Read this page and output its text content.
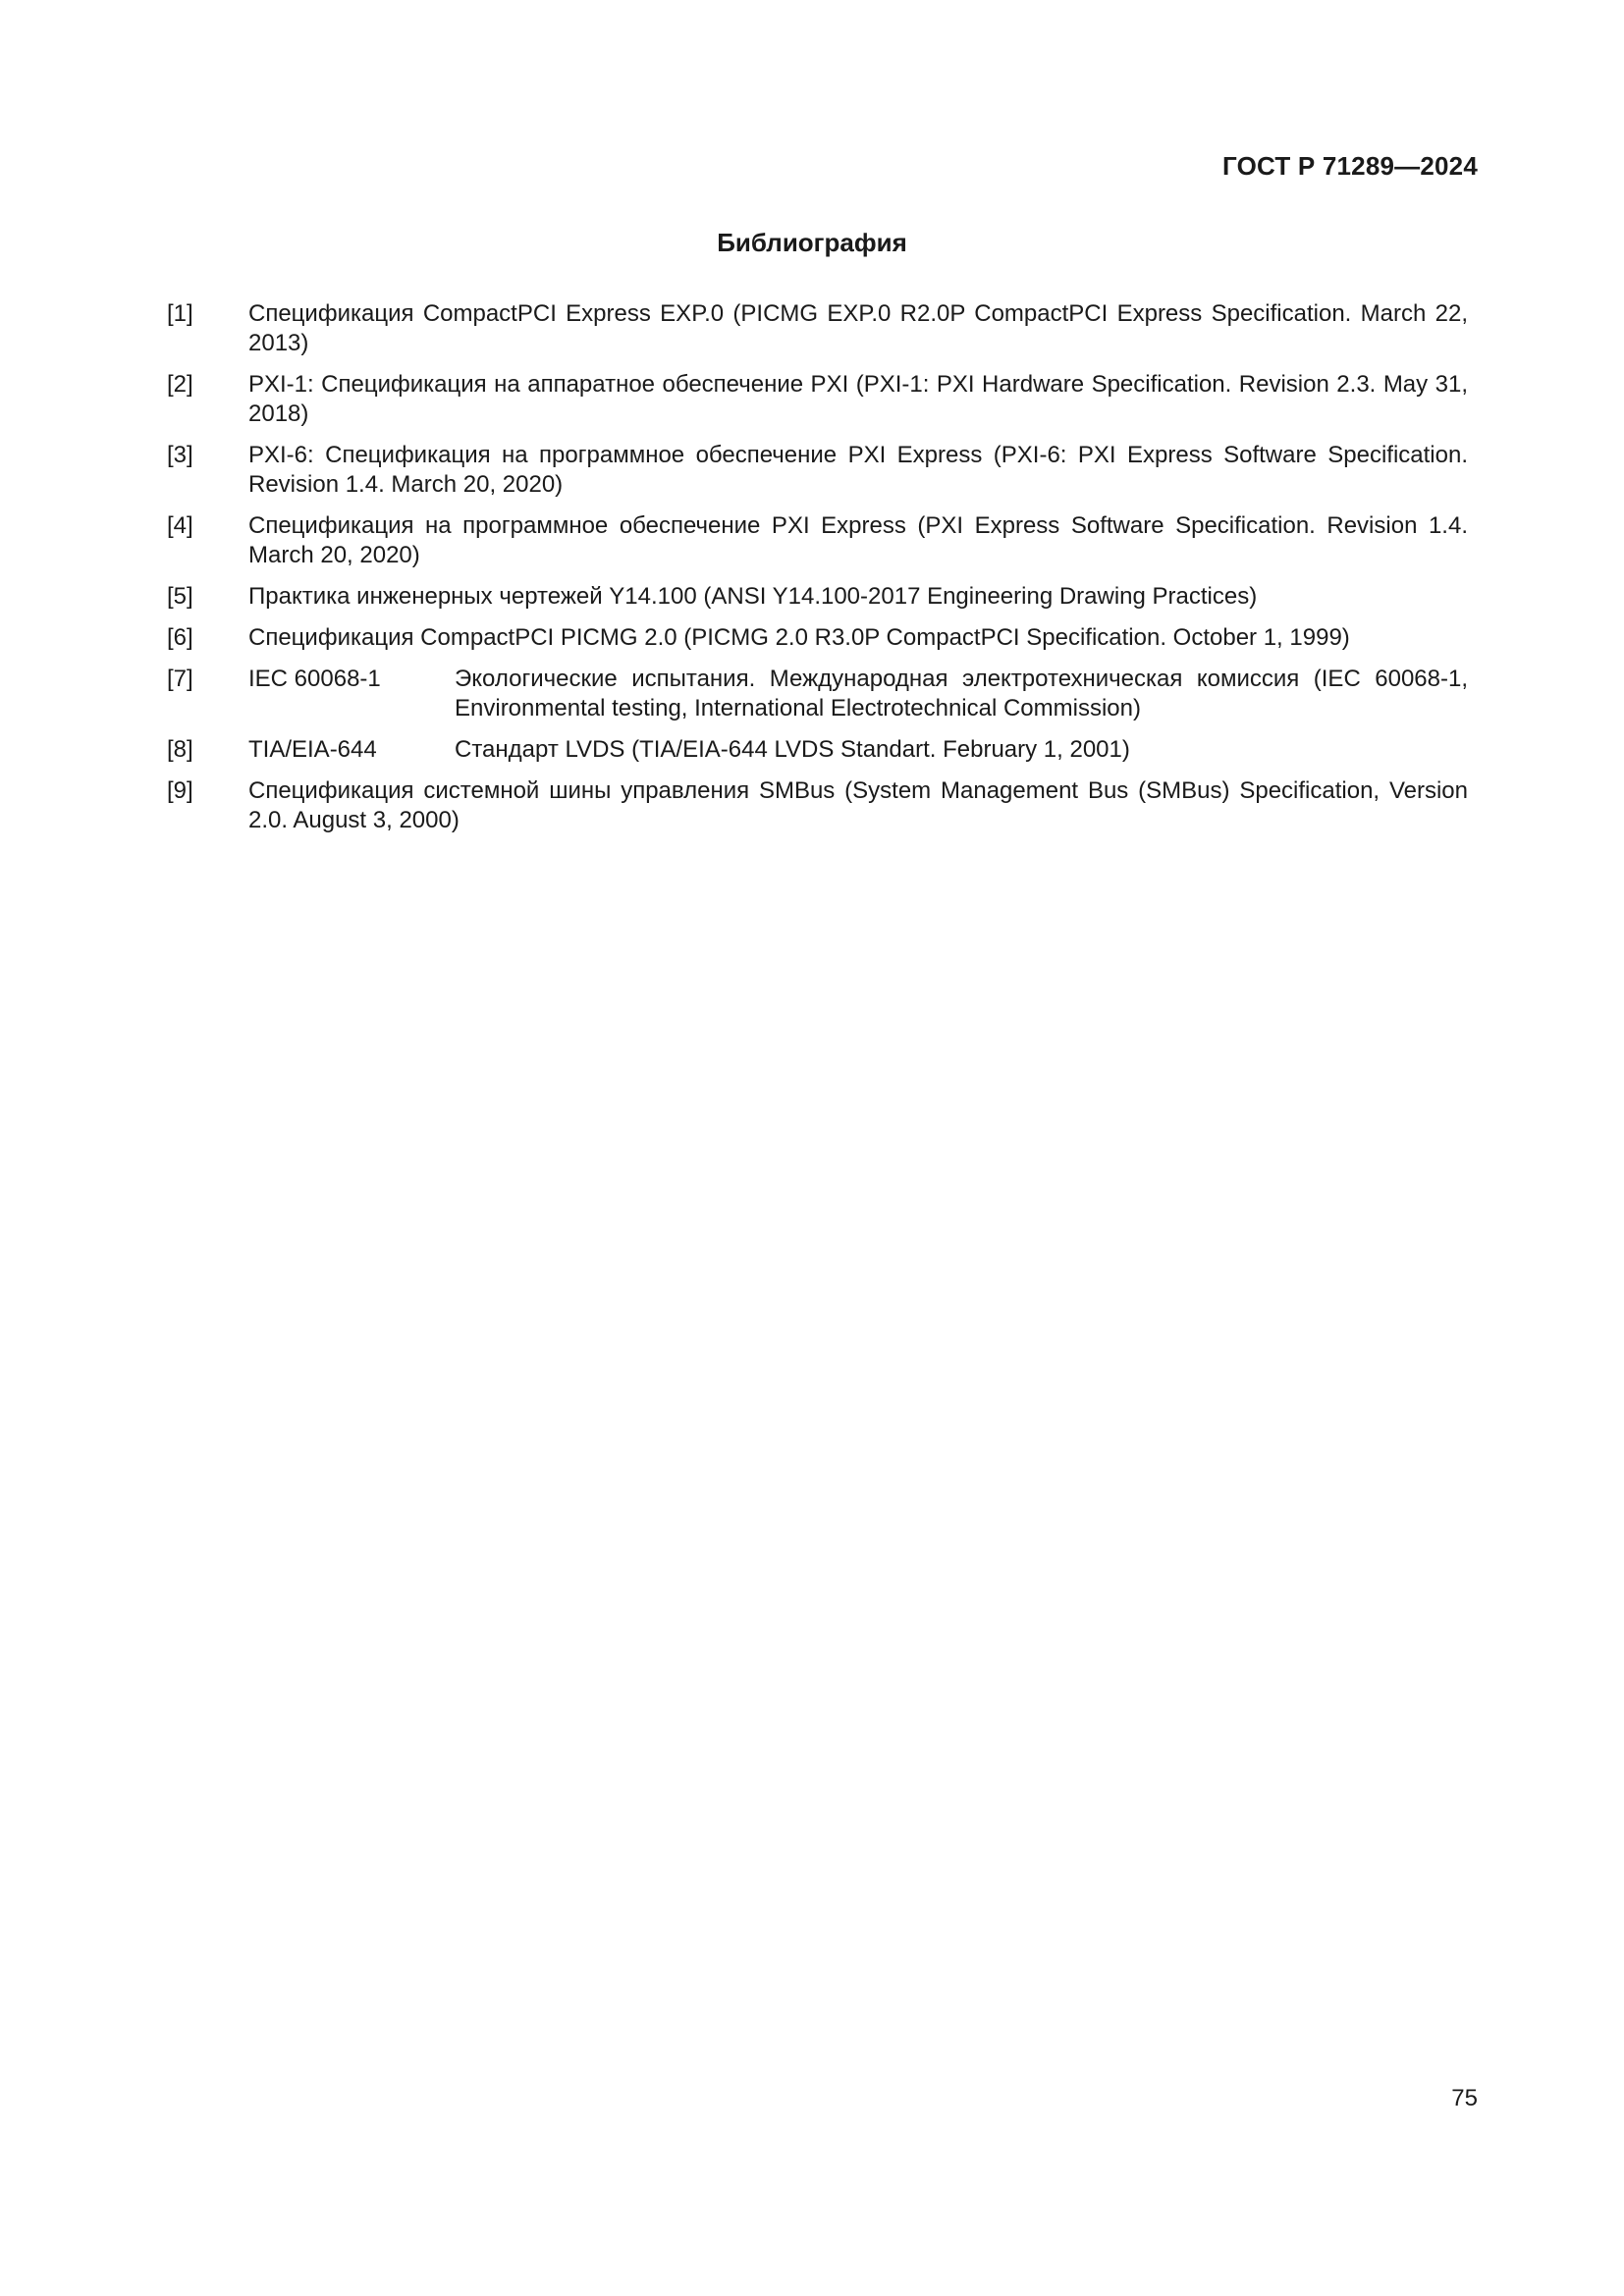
ГОСТ Р 71289—2024
Библиография
[1]	Спецификация CompactPCI Express EXP.0 (PICMG EXP.0 R2.0P CompactPCI Express Specification. March 22, 2013)
[2]	PXI-1: Спецификация на аппаратное обеспечение PXI (PXI-1: PXI Hardware Specification. Revision 2.3. May 31, 2018)
[3]	PXI-6: Спецификация на программное обеспечение PXI Express (PXI-6: PXI Express Software Specification. Revision 1.4. March 20, 2020)
[4]	Спецификация на программное обеспечение PXI Express (PXI Express Software Specification. Revision 1.4. March 20, 2020)
[5]	Практика инженерных чертежей Y14.100 (ANSI Y14.100-2017 Engineering Drawing Practices)
[6]	Спецификация CompactPCI PICMG 2.0 (PICMG 2.0 R3.0P CompactPCI Specification. October 1, 1999)
[7]	IEC 60068-1	Экологические испытания. Международная электротехническая комиссия (IEC 60068-1, Environmental testing, International Electrotechnical Commission)
[8]	TIA/EIA-644	Стандарт LVDS (TIA/EIA-644 LVDS Standart. February 1, 2001)
[9]	Спецификация системной шины управления SMBus (System Management Bus (SMBus) Specification, Version 2.0. August 3, 2000)
75
